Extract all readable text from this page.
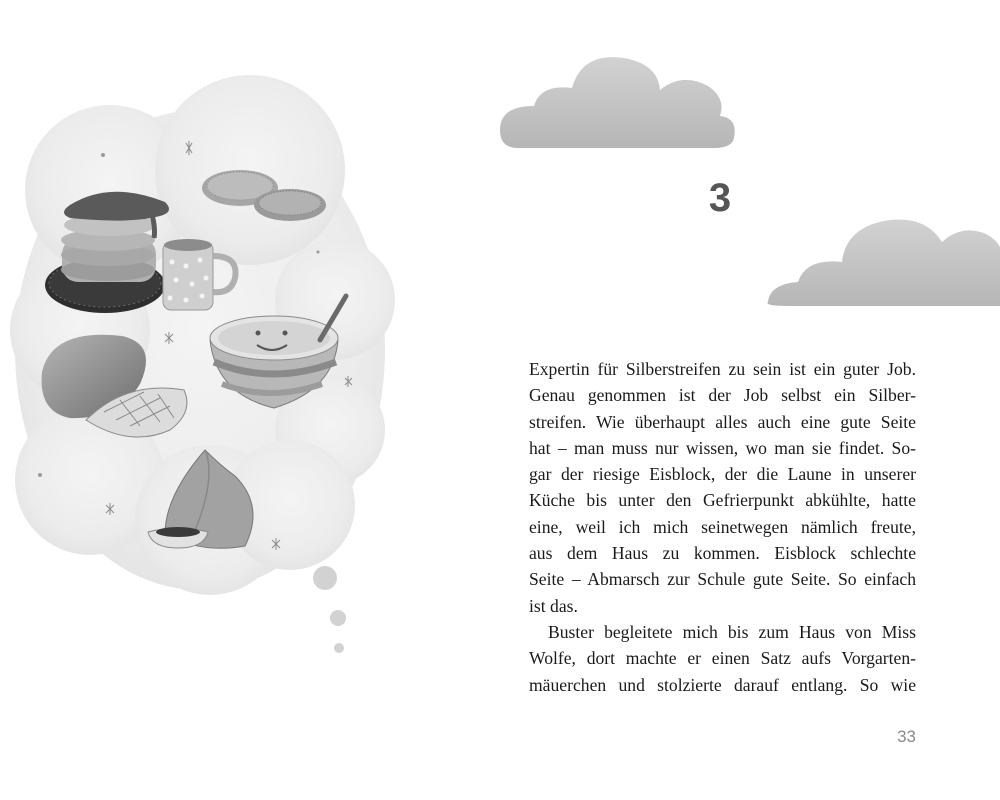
3

Expertin für Silberstreifen zu sein ist ein guter Job.

Genau genommen ist der Job selbst ein Silber-

streifen. Wie überhaupt alles auch eine gute Seite

hat – man muss nur wissen, wo man sie findet. So-

gar der riesige Eisblock, der die Laune in unserer

Küche bis unter den Gefrierpunkt abkühlte, hatte

eine, weil ich mich seinetwegen nämlich freute,

aus dem Haus zu kommen. Eisblock schlechte

Seite – Abmarsch zur Schule gute Seite. So einfach

ist das.

Buster begleitete mich bis zum Haus von Miss

Wolfe, dort machte er einen Satz aufs Vorgarten-

mäuerchen und stolzierte darauf entlang. So wie

33
